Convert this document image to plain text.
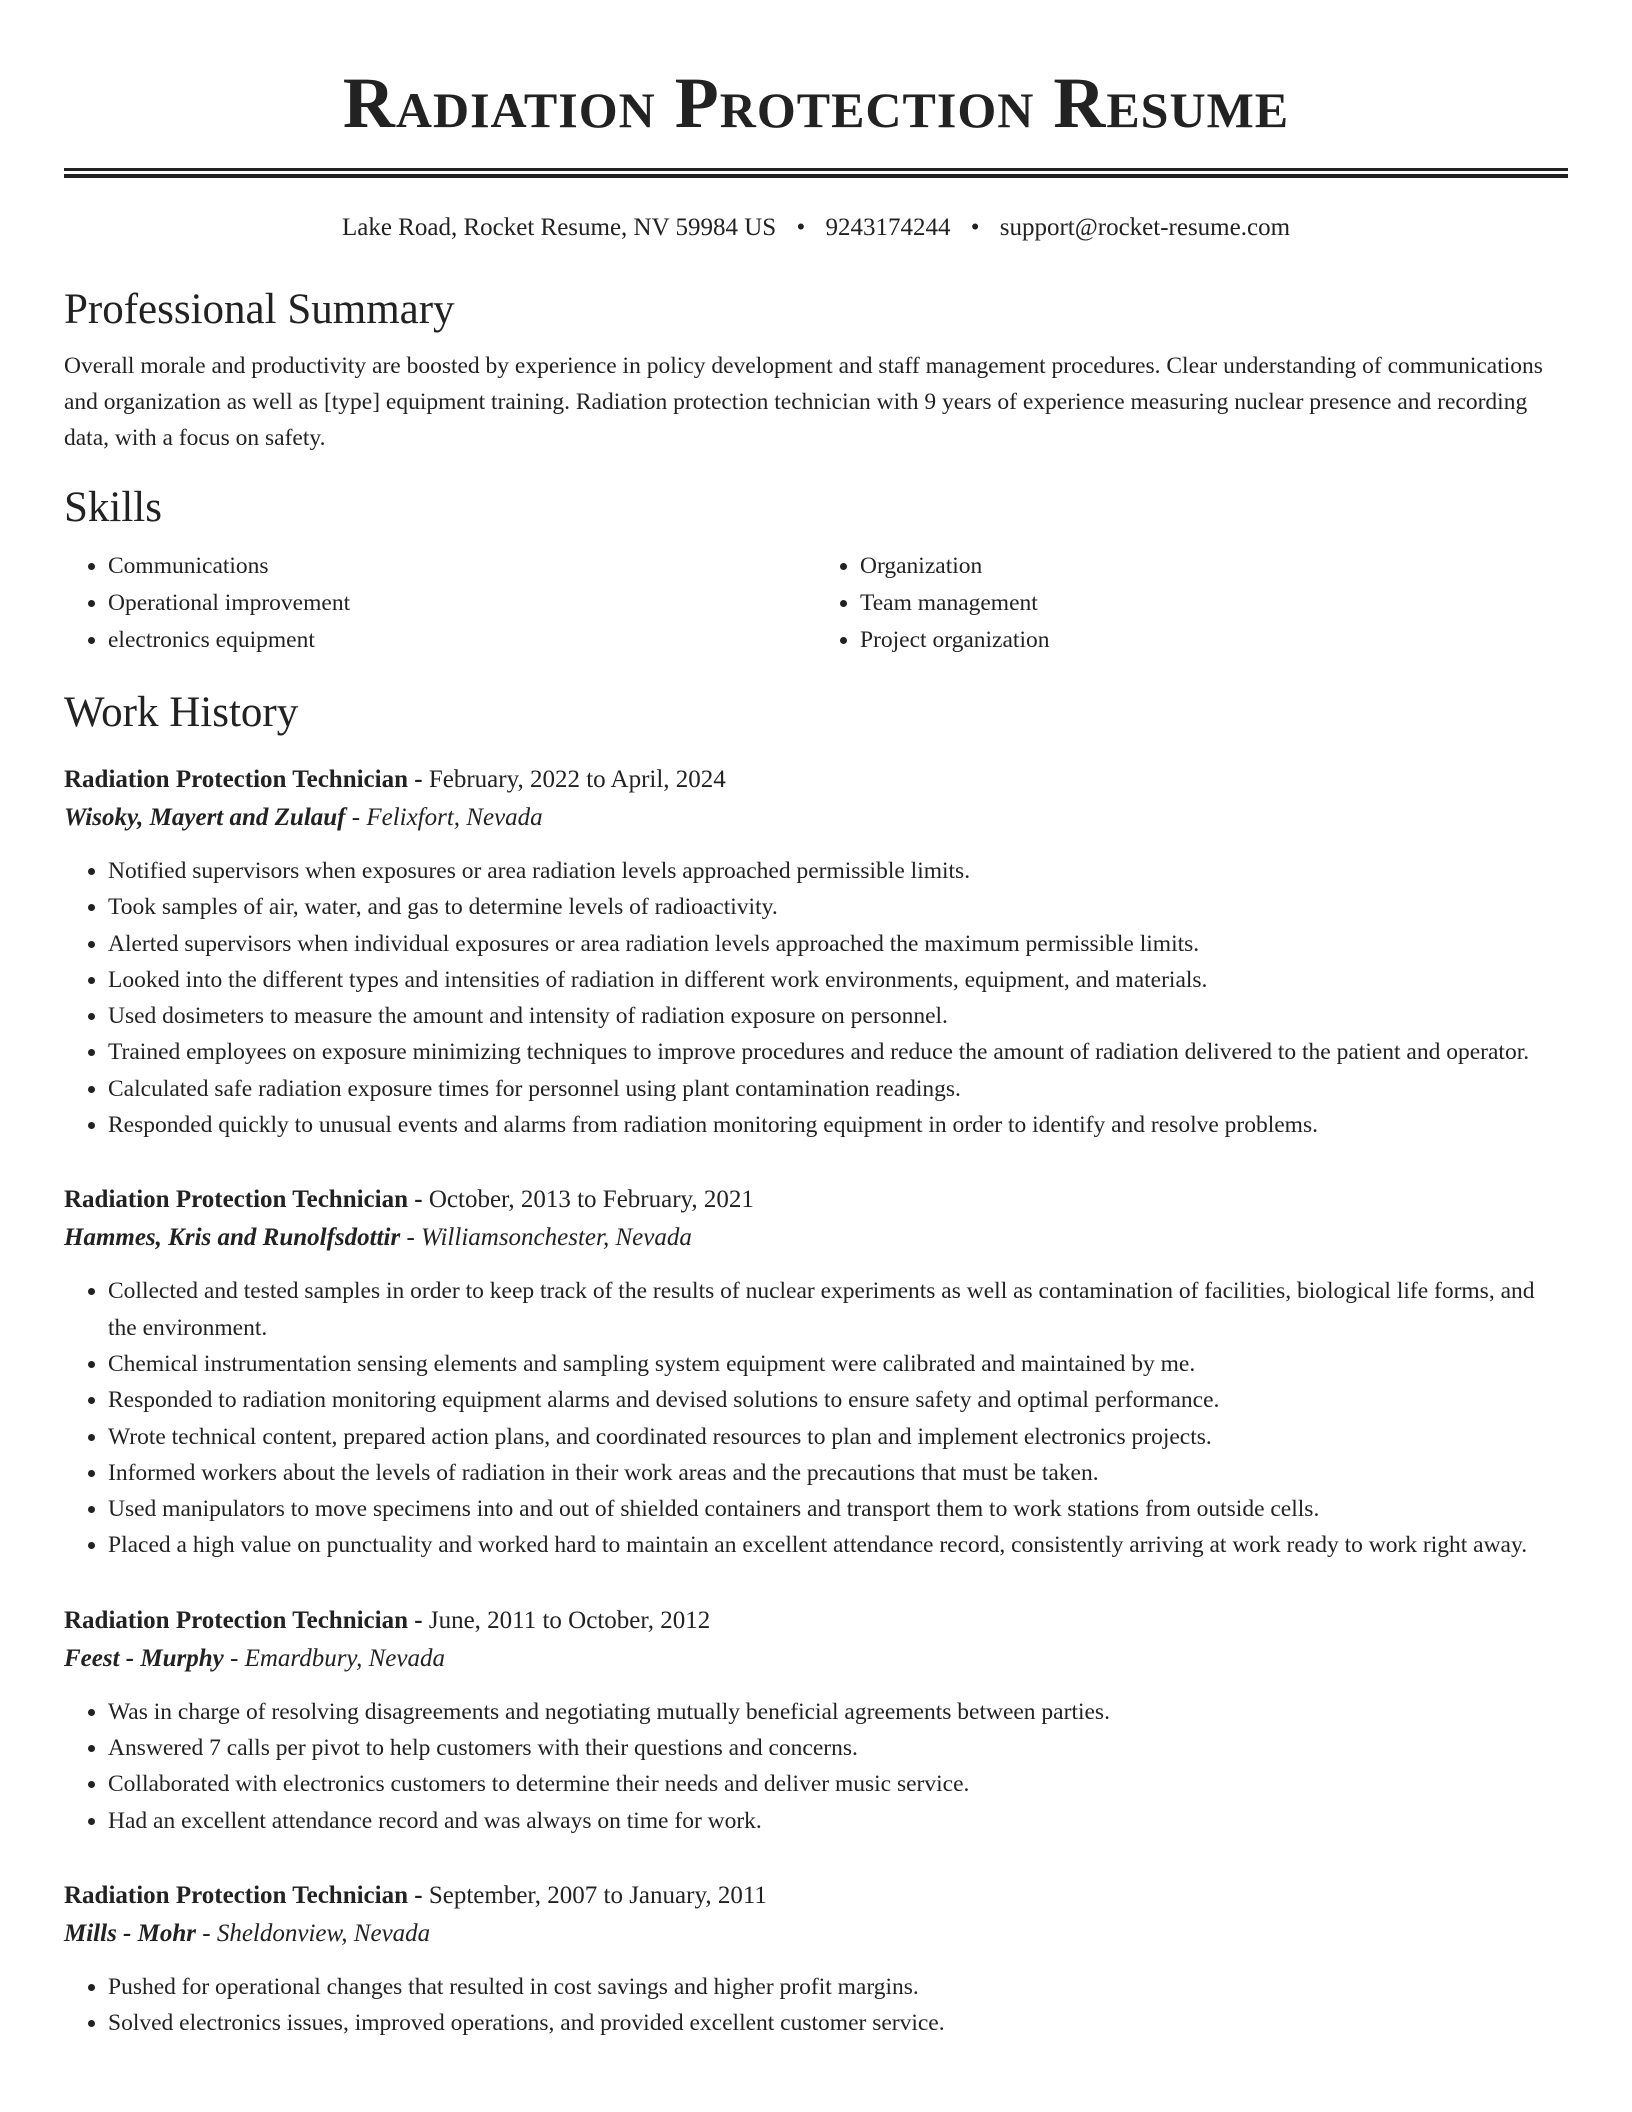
Radiation Protection Resume
Lake Road, Rocket Resume, NV 59984 US • 9243174244 • support@rocket-resume.com
Professional Summary

Overall morale and productivity are boosted by experience in policy development and staff management procedures. Clear understanding of communications and organization as well as [type] equipment training. Radiation protection technician with 9 years of experience measuring nuclear presence and recording data, with a focus on safety.

Skills
• Communications
• Operational improvement
• electronics equipment
• Organization
• Team management
• Project organization
Work History
Radiation Protection Technician - February, 2022 to April, 2024
Wisoky, Mayert and Zulauf - Felixfort, Nevada
• Notified supervisors when exposures or area radiation levels approached permissible limits.
• Took samples of air, water, and gas to determine levels of radioactivity.
• Alerted supervisors when individual exposures or area radiation levels approached the maximum permissible limits.
• Looked into the different types and intensities of radiation in different work environments, equipment, and materials.
• Used dosimeters to measure the amount and intensity of radiation exposure on personnel.
• Trained employees on exposure minimizing techniques to improve procedures and reduce the amount of radiation delivered to the patient and operator.
• Calculated safe radiation exposure times for personnel using plant contamination readings.
• Responded quickly to unusual events and alarms from radiation monitoring equipment in order to identify and resolve problems.
Radiation Protection Technician - October, 2013 to February, 2021
Hammes, Kris and Runolfsdottir - Williamsonchester, Nevada
• Collected and tested samples in order to keep track of the results of nuclear experiments as well as contamination of facilities, biological life forms, and the environment.
• Chemical instrumentation sensing elements and sampling system equipment were calibrated and maintained by me.
• Responded to radiation monitoring equipment alarms and devised solutions to ensure safety and optimal performance.
• Wrote technical content, prepared action plans, and coordinated resources to plan and implement electronics projects.
• Informed workers about the levels of radiation in their work areas and the precautions that must be taken.
• Used manipulators to move specimens into and out of shielded containers and transport them to work stations from outside cells.
• Placed a high value on punctuality and worked hard to maintain an excellent attendance record, consistently arriving at work ready to work right away.
Radiation Protection Technician - June, 2011 to October, 2012
Feest - Murphy - Emardbury, Nevada
• Was in charge of resolving disagreements and negotiating mutually beneficial agreements between parties.
• Answered 7 calls per pivot to help customers with their questions and concerns.
• Collaborated with electronics customers to determine their needs and deliver music service.
• Had an excellent attendance record and was always on time for work.
Radiation Protection Technician - September, 2007 to January, 2011
Mills - Mohr - Sheldonview, Nevada
• Pushed for operational changes that resulted in cost savings and higher profit margins.
• Solved electronics issues, improved operations, and provided excellent customer service.
